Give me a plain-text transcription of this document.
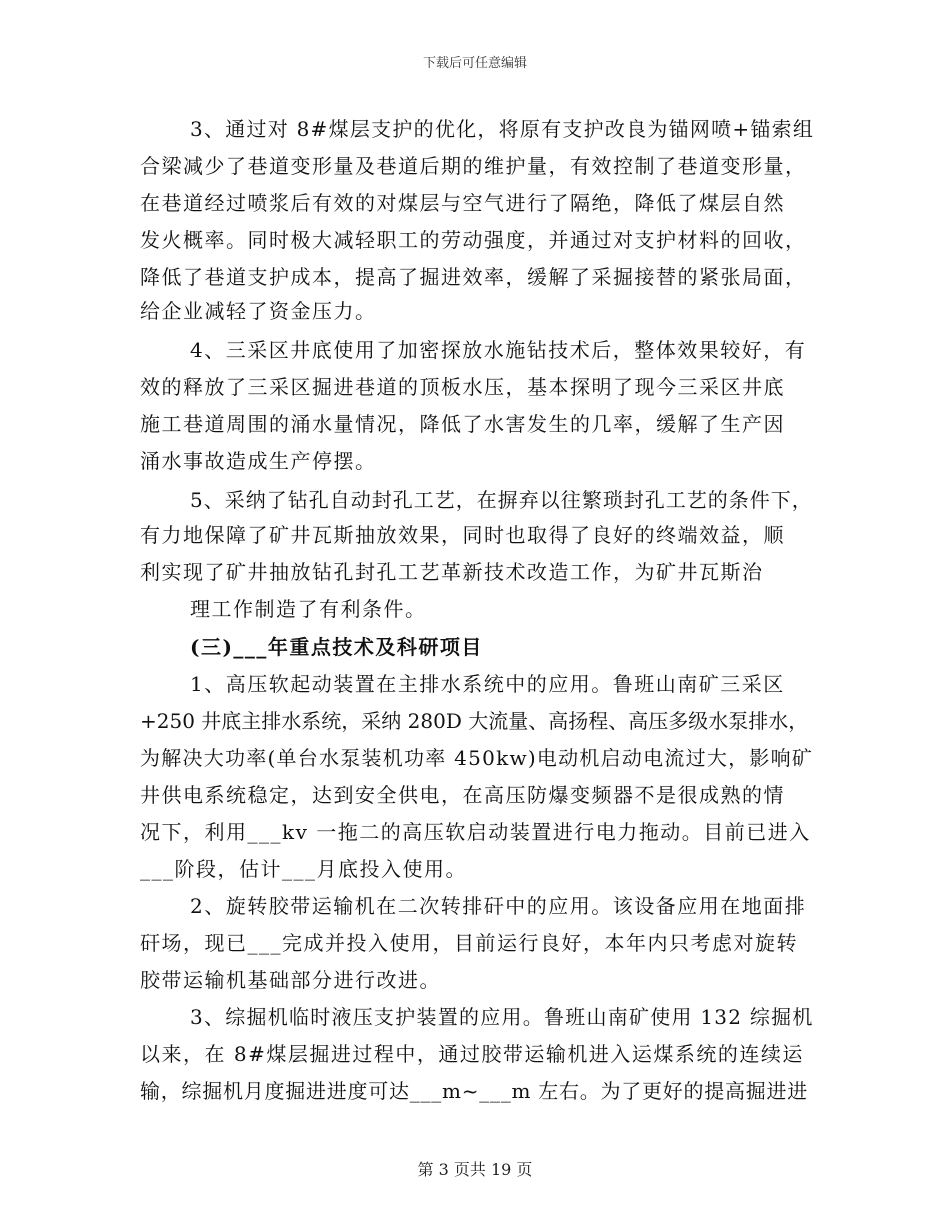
下载后可任意编辑
3、通过对 8#煤层支护的优化，将原有支护改良为锚网喷+锚索组
合梁减少了巷道变形量及巷道后期的维护量，有效控制了巷道变形量，
在巷道经过喷浆后有效的对煤层与空气进行了隔绝，降低了煤层自然
发火概率。同时极大减轻职工的劳动强度，并通过对支护材料的回收，
降低了巷道支护成本，提高了掘进效率，缓解了采掘接替的紧张局面，
给企业减轻了资金压力。
4、三采区井底使用了加密探放水施钻技术后，整体效果较好，有
效的释放了三采区掘进巷道的顶板水压，基本探明了现今三采区井底
施工巷道周围的涌水量情况，降低了水害发生的几率，缓解了生产因
涌水事故造成生产停摆。
5、采纳了钻孔自动封孔工艺，在摒弃以往繁琐封孔工艺的条件下，
有力地保障了矿井瓦斯抽放效果，同时也取得了良好的终端效益，顺
利实现了矿井抽放钻孔封孔工艺革新技术改造工作，为矿井瓦斯治
理工作制造了有利条件。
(三)___年重点技术及科研项目
1、高压软起动装置在主排水系统中的应用。鲁班山南矿三采区
+250 井底主排水系统，采纳 280D 大流量、高扬程、高压多级水泵排水，
为解决大功率(单台水泵装机功率 450kw)电动机启动电流过大，影响矿
井供电系统稳定，达到安全供电，在高压防爆变频器不是很成熟的情
况下，利用___kv 一拖二的高压软启动装置进行电力拖动。目前已进入
___阶段，估计___月底投入使用。
2、旋转胶带运输机在二次转排矸中的应用。该设备应用在地面排
矸场，现已___完成并投入使用，目前运行良好，本年内只考虑对旋转
胶带运输机基础部分进行改进。
3、综掘机临时液压支护装置的应用。鲁班山南矿使用 132 综掘机
以来，在 8#煤层掘进过程中，通过胶带运输机进入运煤系统的连续运
输，综掘机月度掘进进度可达___m~___m 左右。为了更好的提高掘进进
第 3 页共 19 页
